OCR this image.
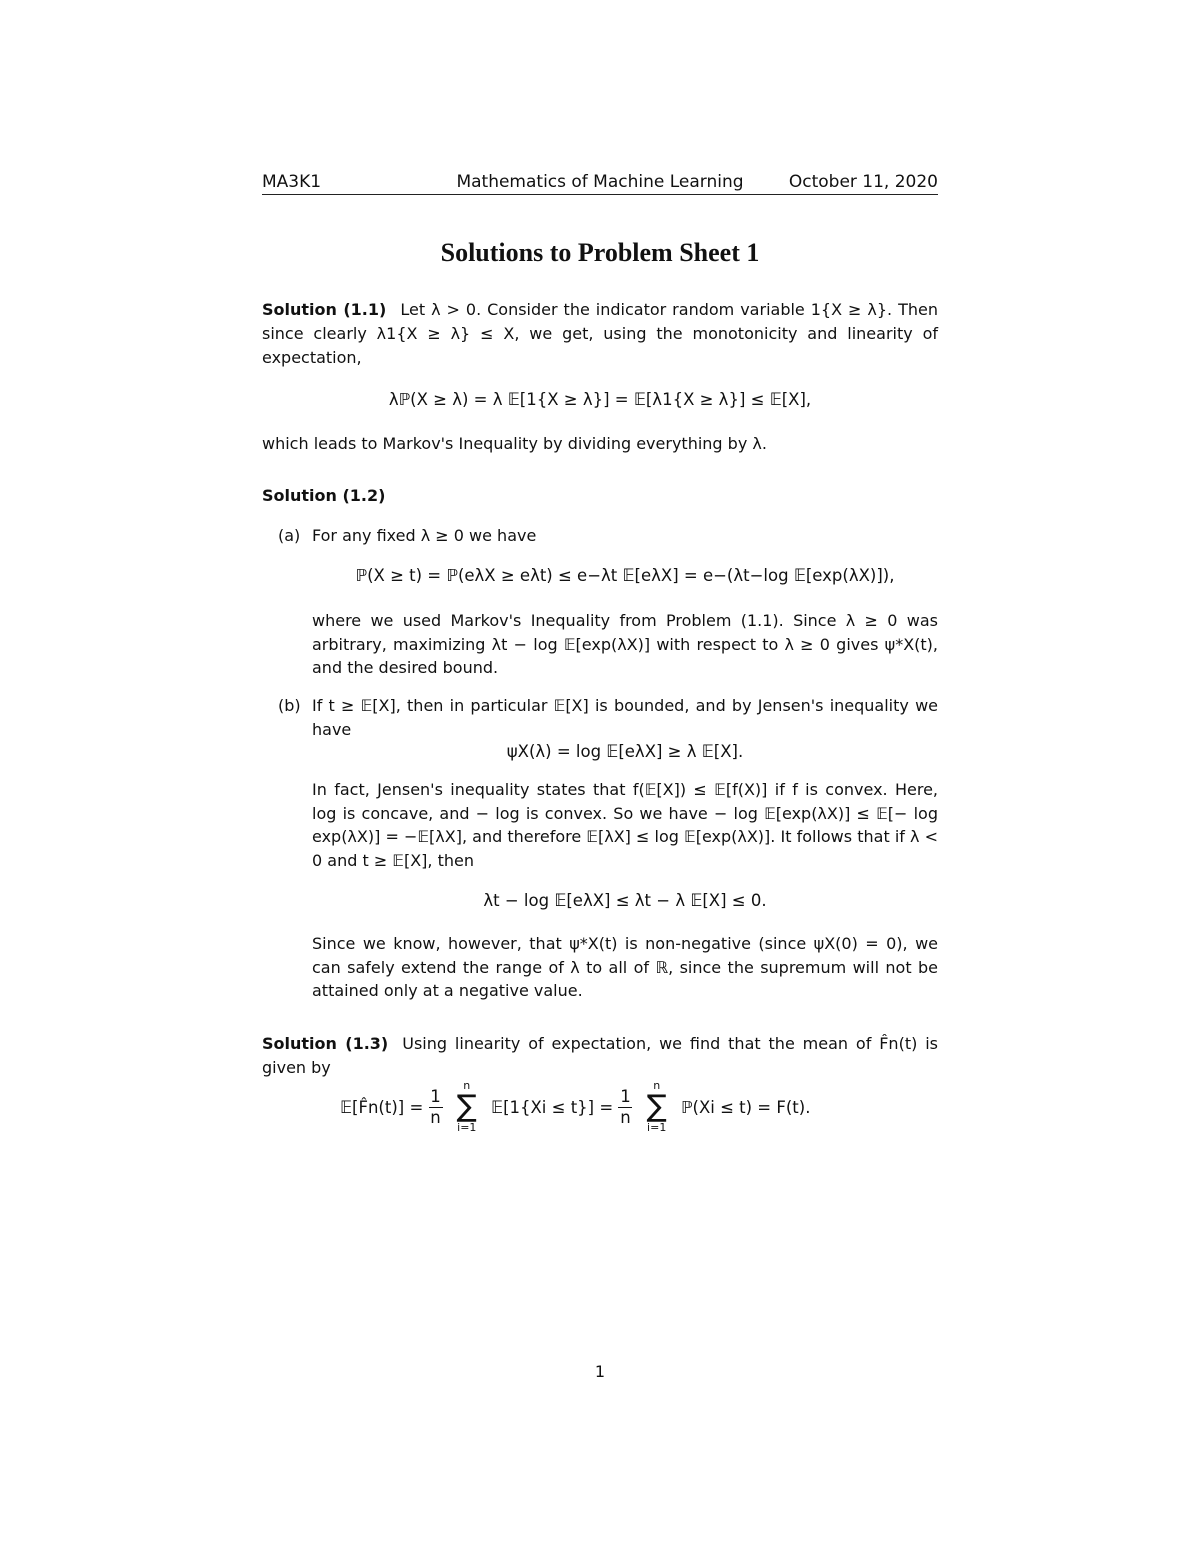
MA3K1	Mathematics of Machine Learning	October 11, 2020
Solutions to Problem Sheet 1
Solution (1.1) Let λ > 0. Consider the indicator random variable 1{X ≥ λ}. Then since clearly λ1{X ≥ λ} ≤ X, we get, using the monotonicity and linearity of expectation,
λℙ(X ≥ λ) = λ 𝔼[1{X ≥ λ}] = 𝔼[λ1{X ≥ λ}] ≤ 𝔼[X],
which leads to Markov's Inequality by dividing everything by λ.
Solution (1.2)
(a) For any fixed λ ≥ 0 we have
ℙ(X ≥ t) = ℙ(eλX ≥ eλt) ≤ e−λt 𝔼[eλX] = e−(λt−log 𝔼[exp(λX)]),
where we used Markov's Inequality from Problem (1.1). Since λ ≥ 0 was arbitrary, maximizing λt − log 𝔼[exp(λX)] with respect to λ ≥ 0 gives ψ*X(t), and the desired bound.
(b) If t ≥ 𝔼[X], then in particular 𝔼[X] is bounded, and by Jensen's inequality we have
ψX(λ) = log 𝔼[eλX] ≥ λ 𝔼[X].
In fact, Jensen's inequality states that f(𝔼[X]) ≤ 𝔼[f(X)] if f is convex. Here, log is concave, and − log is convex. So we have − log 𝔼[exp(λX)] ≤ 𝔼[− log exp(λX)] = −𝔼[λX], and therefore 𝔼[λX] ≤ log 𝔼[exp(λX)]. It follows that if λ < 0 and t ≥ 𝔼[X], then
λt − log 𝔼[eλX] ≤ λt − λ 𝔼[X] ≤ 0.
Since we know, however, that ψ*X(t) is non-negative (since ψX(0) = 0), we can safely extend the range of λ to all of ℝ, since the supremum will not be attained only at a negative value.
Solution (1.3) Using linearity of expectation, we find that the mean of F̂n(t) is given by
𝔼[F̂n(t)] = $\frac{1}{n}$

n
∑
i=1
𝔼[1{Xi ≤ $t\}] = \frac{1}{n}$

n
∑
i=1
ℙ(Xi ≤ t) = F(t).
1
